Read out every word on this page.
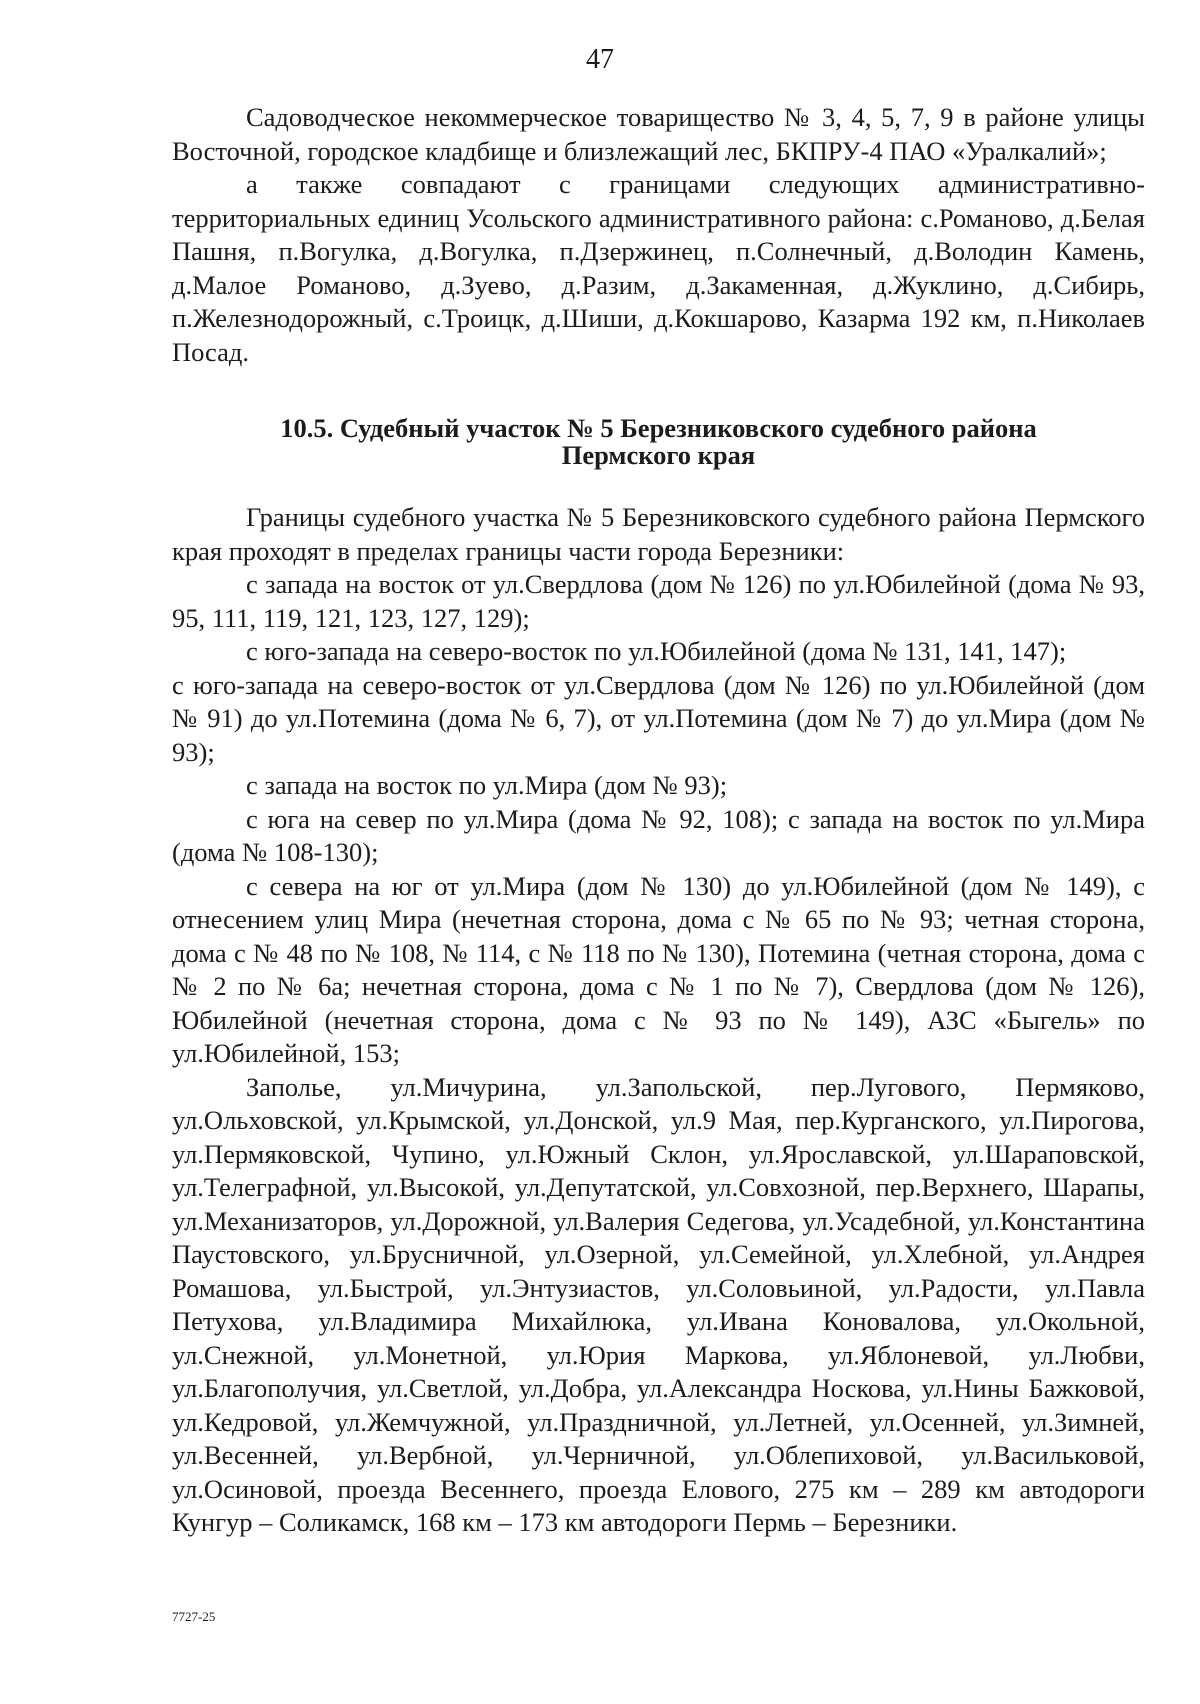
47

Садоводческое некоммерческое товарищество № 3, 4, 5, 7, 9 в районе улицы Восточной, городское кладбище и близлежащий лес, БКПРУ-4 ПАО «Уралкалий»;

а также совпадают с границами следующих административно-территориальных единиц Усольского административного района: с.Романово, д.Белая Пашня, п.Вогулка, д.Вогулка, п.Дзержинец, п.Солнечный, д.Володин Камень, д.Малое Романово, д.Зуево, д.Разим, д.Закаменная, д.Жуклино, д.Сибирь, п.Железнодорожный, с.Троицк, д.Шиши, д.Кокшарово, Казарма 192 км, п.Николаев Посад.

10.5. Судебный участок № 5 Березниковского судебного района
Пермского края

Границы судебного участка № 5 Березниковского судебного района Пермского края проходят в пределах границы части города Березники:

с запада на восток от ул.Свердлова (дом № 126) по ул.Юбилейной (дома № 93, 95, 111, 119, 121, 123, 127, 129);

с юго-запада на северо-восток по ул.Юбилейной (дома № 131, 141, 147);

с юго-запада на северо-восток от ул.Свердлова (дом № 126) по ул.Юбилейной (дом № 91) до ул.Потемина (дома № 6, 7), от ул.Потемина (дом № 7) до ул.Мира (дом № 93);

с запада на восток по ул.Мира (дом № 93);

с юга на север по ул.Мира (дома № 92, 108); с запада на восток по ул.Мира (дома № 108-130);

с севера на юг от ул.Мира (дом № 130) до ул.Юбилейной (дом № 149), с отнесением улиц Мира (нечетная сторона, дома с № 65 по № 93; четная сторона, дома с № 48 по № 108, № 114, с № 118 по № 130), Потемина (четная сторона, дома с № 2 по № 6а; нечетная сторона, дома с № 1 по № 7), Свердлова (дом № 126), Юбилейной (нечетная сторона, дома с № 93 по № 149), АЗС «Быгель» по ул.Юбилейной, 153;

Заполье, ул.Мичурина, ул.Запольской, пер.Лугового, Пермяково, ул.Ольховской, ул.Крымской, ул.Донской, ул.9 Мая, пер.Курганского, ул.Пирогова, ул.Пермяковской, Чупино, ул.Южный Склон, ул.Ярославской, ул.Шараповской, ул.Телеграфной, ул.Высокой, ул.Депутатской, ул.Совхозной, пер.Верхнего, Шарапы, ул.Механизаторов, ул.Дорожной, ул.Валерия Седегова, ул.Усадебной, ул.Константина Паустовского, ул.Брусничной, ул.Озерной, ул.Семейной, ул.Хлебной, ул.Андрея Ромашова, ул.Быстрой, ул.Энтузиастов, ул.Соловьиной, ул.Радости, ул.Павла Петухова, ул.Владимира Михайлюка, ул.Ивана Коновалова, ул.Окольной, ул.Снежной, ул.Монетной, ул.Юрия Маркова, ул.Яблоневой, ул.Любви, ул.Благополучия, ул.Светлой, ул.Добра, ул.Александра Носкова, ул.Нины Бажковой, ул.Кедровой, ул.Жемчужной, ул.Праздничной, ул.Летней, ул.Осенней, ул.Зимней, ул.Весенней, ул.Вербной, ул.Черничной, ул.Облепиховой, ул.Васильковой, ул.Осиновой, проезда Весеннего, проезда Елового, 275 км – 289 км автодороги Кунгур – Соликамск, 168 км – 173 км автодороги Пермь – Березники.

7727-25
